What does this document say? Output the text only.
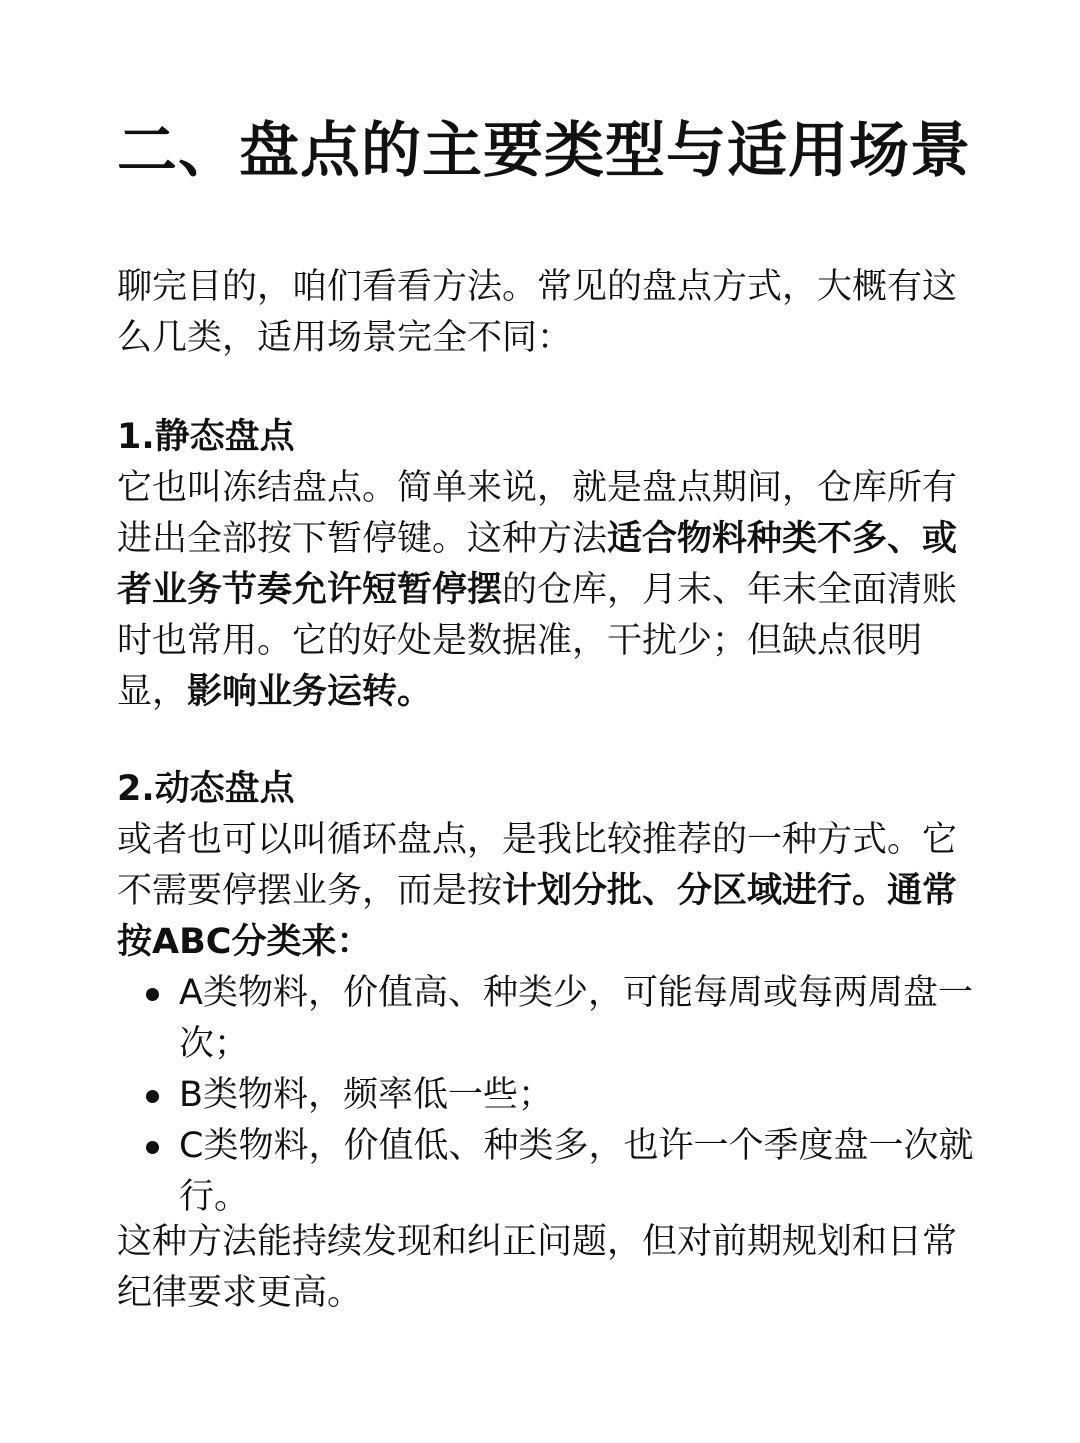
二、盘点的主要类型与适用场景

聊完目的，咱们看看方法。常见的盘点方式，大概有这么几类，适用场景完全不同：

1.静态盘点

它也叫冻结盘点。简单来说，就是盘点期间，仓库所有进出全部按下暂停键。这种方法适合物料种类不多、或者业务节奏允许短暂停摆的仓库，月末、年末全面清账时也常用。它的好处是数据准，干扰少；但缺点很明显，影响业务运转。

2.动态盘点

或者也可以叫循环盘点，是我比较推荐的一种方式。它不需要停摆业务，而是按计划分批、分区域进行。通常按ABC分类来：

A类物料，价值高、种类少，可能每周或每两周盘一次；
B类物料，频率低一些；
C类物料，价值低、种类多，也许一个季度盘一次就行。

这种方法能持续发现和纠正问题，但对前期规划和日常纪律要求更高。
